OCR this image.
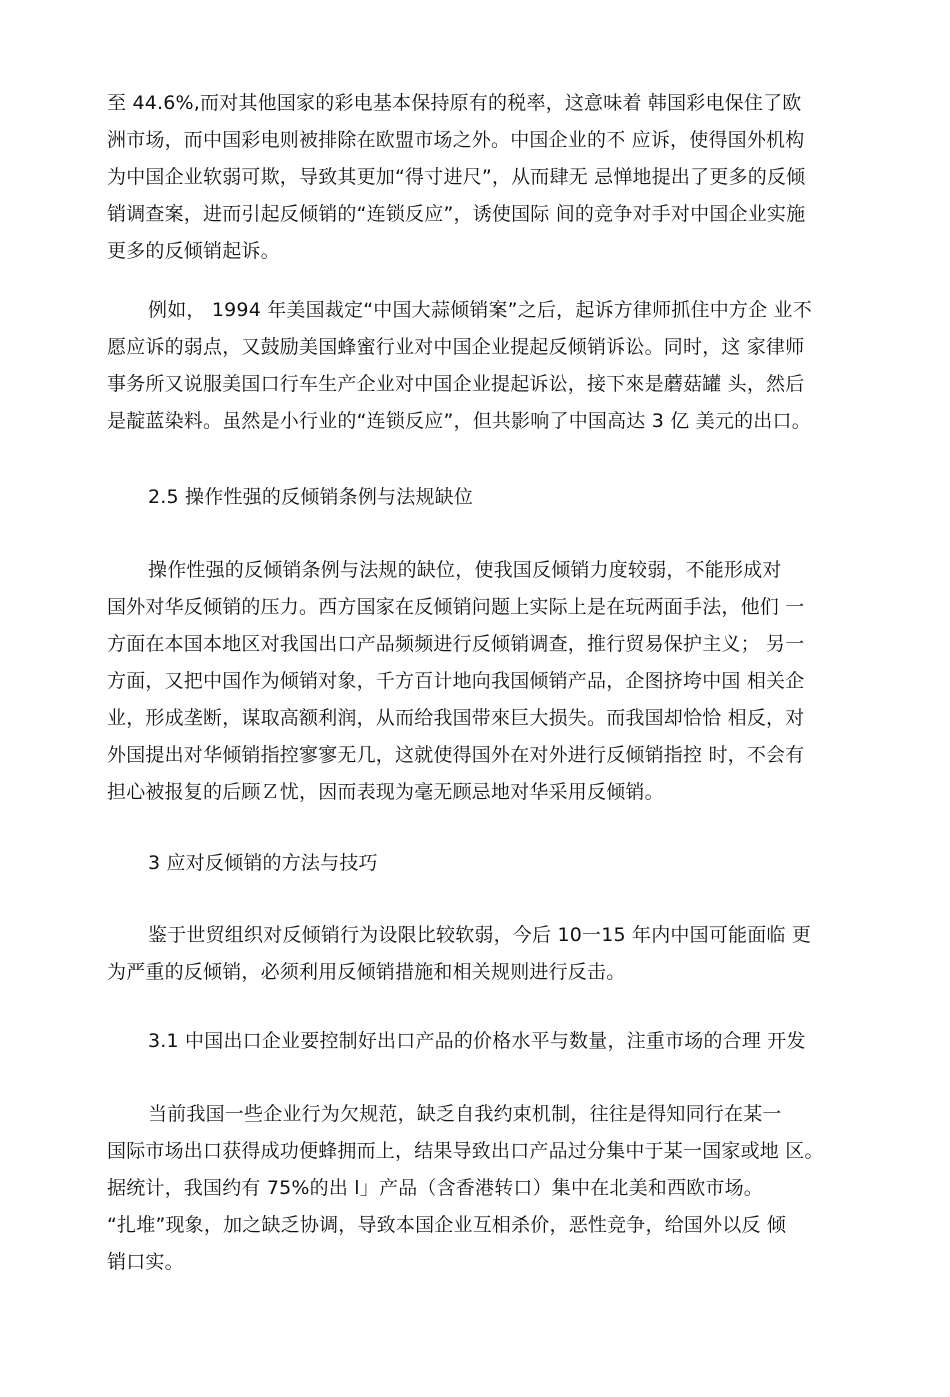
至 44.6%,而对其他国家的彩电基本保持原有的税率，这意味着 韩国彩电保住了欧
洲市场，而中国彩电则被排除在欧盟市场之外。中国企业的不 应诉，使得国外机构
为中国企业软弱可欺，导致其更加“得寸进尺”，从而肆无 忌惮地提出了更多的反倾
销调查案，进而引起反倾销的“连锁反应”，诱使国际 间的竞争对手对中国企业实施
更多的反倾销起诉。
例如， 1994 年美国裁定“中国大蒜倾销案”之后，起诉方律师抓住中方企 业不
愿应诉的弱点，又鼓励美国蜂蜜行业对中国企业提起反倾销诉讼。同时，这 家律师
事务所又说服美国口行车生产企业对中国企业提起诉讼，接下來是蘑菇罐 头，然后
是靛蓝染料。虽然是小行业的“连锁反应”，但共影响了中国高达 3 亿 美元的出口。
2.5 操作性强的反倾销条例与法规缺位
操作性强的反倾销条例与法规的缺位，使我国反倾销力度较弱，不能形成对
国外对华反倾销的压力。西方国家在反倾销问题上实际上是在玩两面手法，他们 一
方面在本国本地区对我国出口产品频频进行反倾销调查，推行贸易保护主义； 另一
方面，又把中国作为倾销对象，千方百计地向我国倾销产品，企图挤垮中国 相关企
业，形成垄断，谋取高额利润，从而给我国带來巨大损失。而我国却恰恰 相反，对
外国提出对华倾销指控寥寥无几，这就使得国外在对外进行反倾销指控 时，不会有
担心被报复的后顾Ｚ忧，因而表现为毫无顾忌地对华采用反倾销。
3 应对反倾销的方法与技巧
鉴于世贸组织对反倾销行为设限比较软弱，今后 10一15 年内中国可能面临 更
为严重的反倾销，必须利用反倾销措施和相关规则进行反击。
3.1 中国出口企业要控制好出口产品的价格水平与数量，注重市场的合理 开发
当前我国一些企业行为欠规范，缺乏自我约束机制，往往是得知同行在某一
国际市场出口获得成功便蜂拥而上，结果导致出口产品过分集中于某一国家或地 区。
据统计，我国约有 75%的出 l」产品（含香港转口）集中在北美和西欧市场。
“扎堆”现象，加之缺乏协调，导致本国企业互相杀价，恶性竞争，给国外以反 倾
销口实。
